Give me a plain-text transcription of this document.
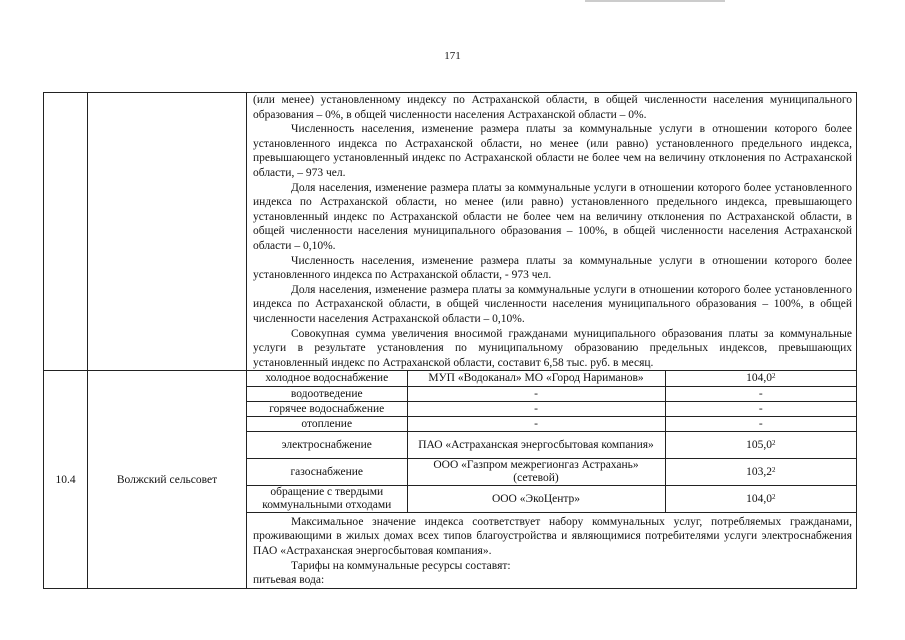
171

(или менее) установленному индексу по Астраханской области, в общей численности населения муниципального образования – 0%, в общей численности населения Астраханской области – 0%.

Численность населения, изменение размера платы за коммунальные услуги в отношении которого более установленного индекса по Астраханской области, но менее (или равно) установленного предельного индекса, превышающего установленный индекс по Астраханской области не более чем на величину отклонения по Астраханской области, – 973 чел.

Доля населения, изменение размера платы за коммунальные услуги в отношении которого более установленного индекса по Астраханской области, но менее (или равно) установленного предельного индекса, превышающего установленный индекс по Астраханской области не более чем на величину отклонения по Астраханской области, в общей численности населения муниципального образования – 100%, в общей численности населения Астраханской области – 0,10%.

Численность населения, изменение размера платы за коммунальные услуги в отношении которого более установленного индекса по Астраханской области, - 973 чел.

Доля населения, изменение размера платы за коммунальные услуги в отношении которого более установленного индекса по Астраханской области, в общей численности населения муниципального образования – 100%, в общей численности населения Астраханской области – 0,10%.

Совокупная сумма увеличения вносимой гражданами муниципального образования платы за коммунальные услуги в результате установления по муниципальному образованию предельных индексов, превышающих установленный индекс по Астраханской области, составит 6,58 тыс. руб. в месяц.

10.4	Волжский сельсовет	
холодное водоснабжение	МУП «Водоканал» МО «Город Нариманов»	104,0$^2$
водоотведение	-	-
горячее водоснабжение	-	-
отопление	-	-
электроснабжение	ПАО «Астраханская энергосбытовая компания»	105,0$^2$
газоснабжение	ООО «Газпром межрегионгаз Астрахань» (сетевой)	103,2$^2$
обращение с твердыми коммунальными отходами	ООО «ЭкоЦентр»	104,0$^2$

Максимальное значение индекса соответствует набору коммунальных услуг, потребляемых гражданами, проживающими в жилых домах всех типов благоустройства и являющимися потребителями услуги электроснабжения ПАО «Астраханская энергосбытовая компания».

Тарифы на коммунальные ресурсы составят:

питьевая вода:
